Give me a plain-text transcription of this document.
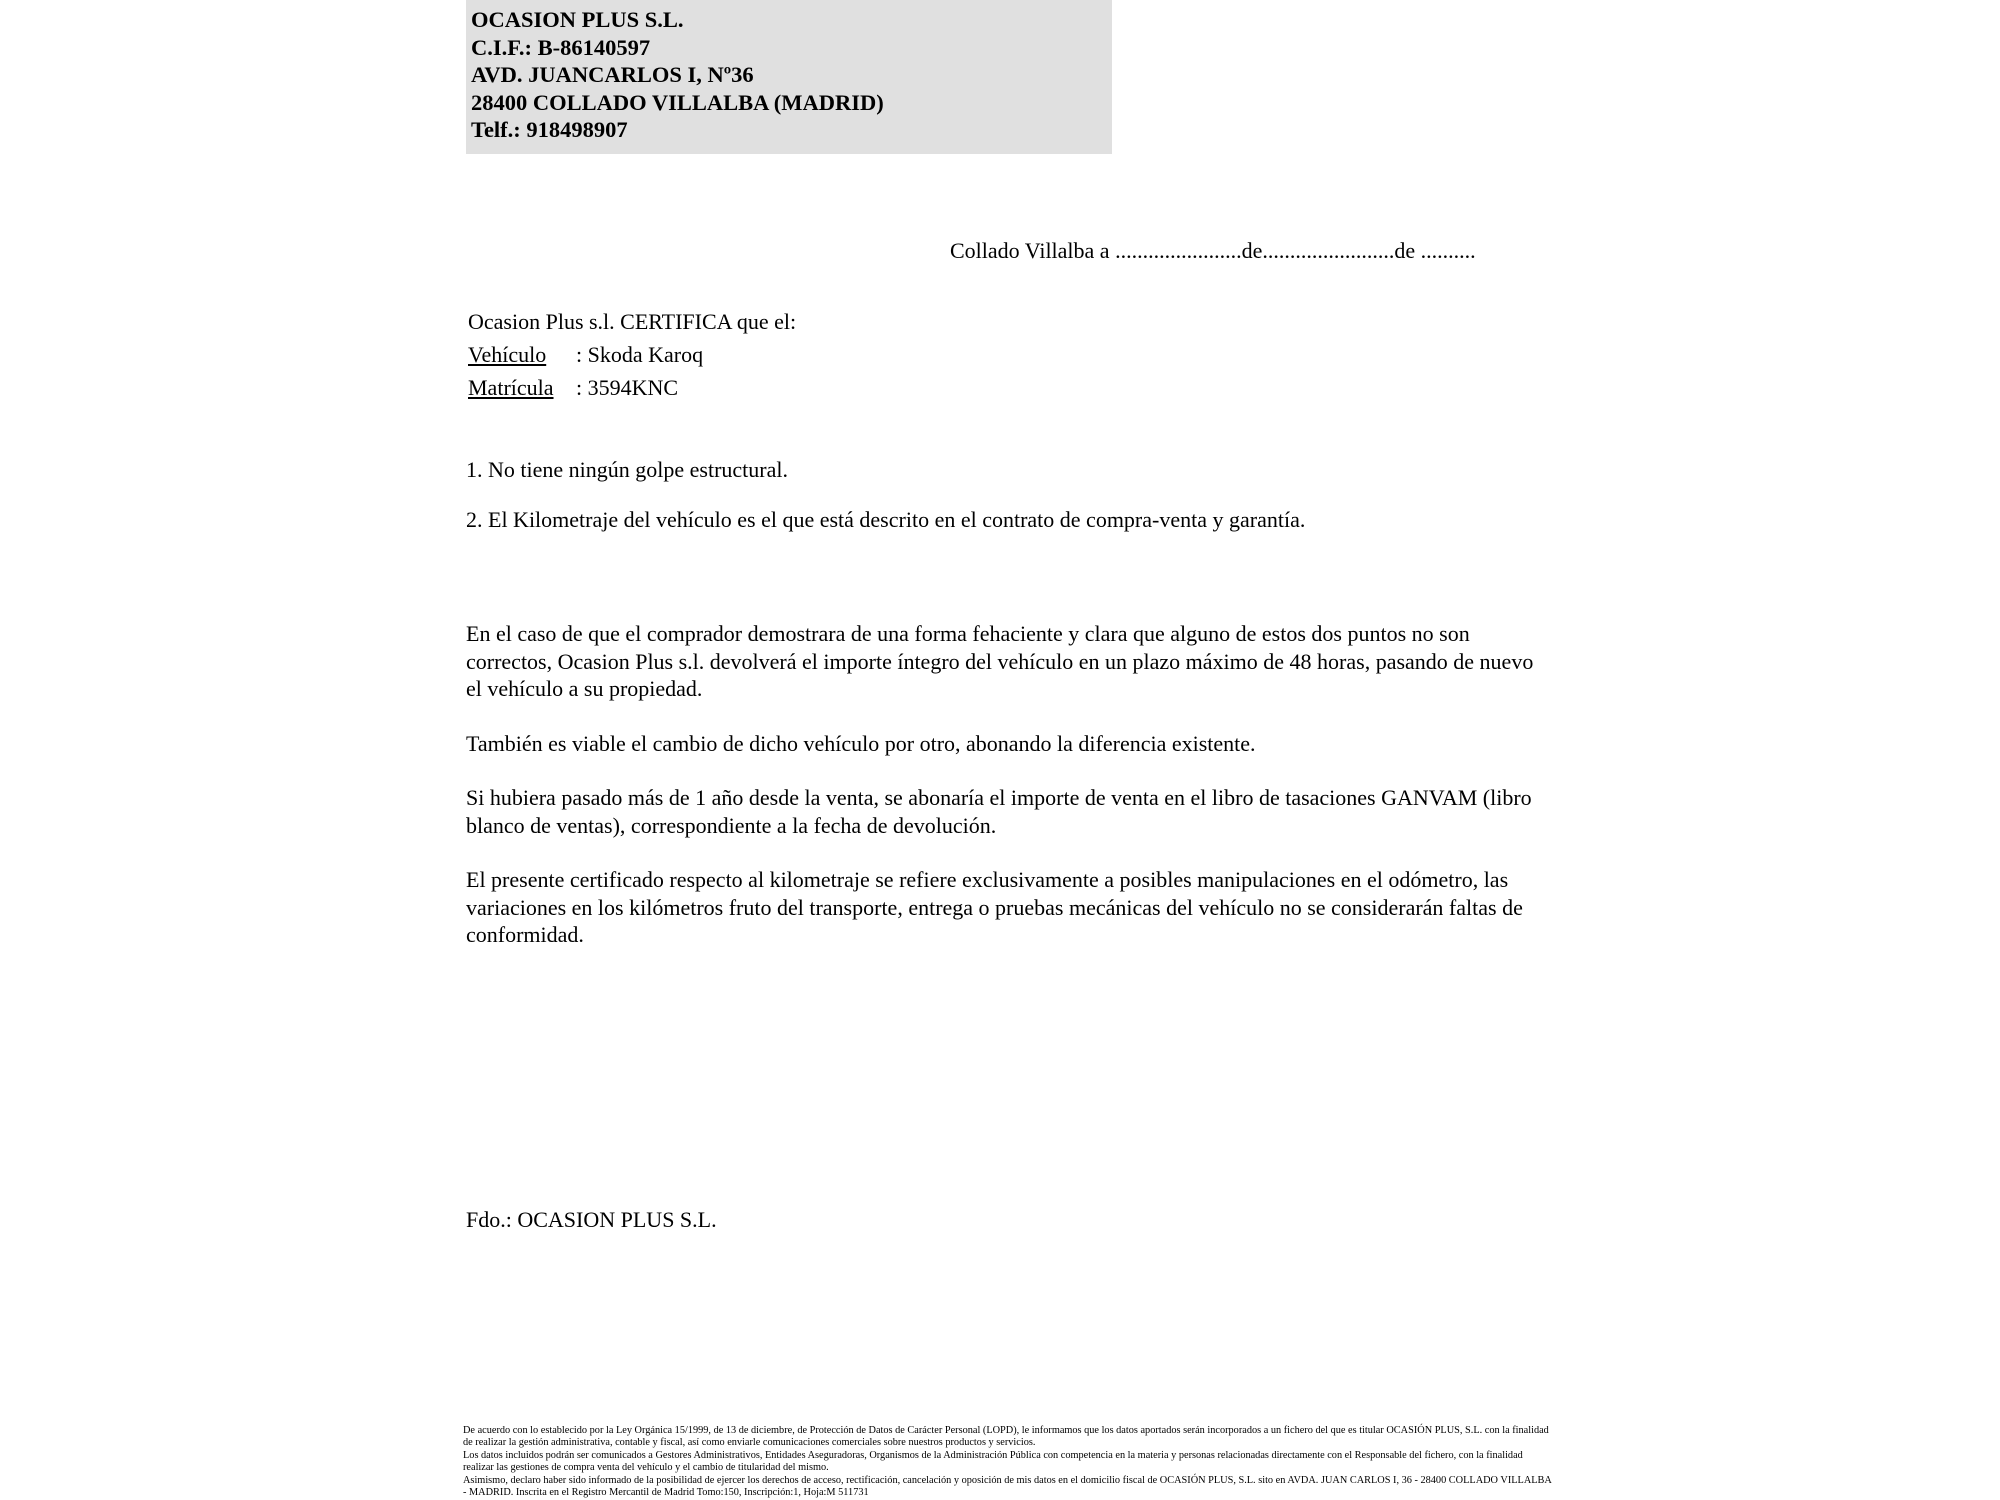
OCASION PLUS S.L.
C.I.F.: B-86140597
AVD. JUANCARLOS I, Nº36
28400 COLLADO VILLALBA (MADRID)
Telf.: 918498907
Collado Villalba a .......................de........................de ..........
Ocasion Plus s.l. CERTIFICA que el:
Vehículo : Skoda Karoq
Matrícula : 3594KNC
1. No tiene ningún golpe estructural.
2. El Kilometraje del vehículo es el que está descrito en el contrato de compra-venta y garantía.

En el caso de que el comprador demostrara de una forma fehaciente y clara que alguno de estos dos puntos no son correctos, Ocasion Plus s.l. devolverá el importe íntegro del vehículo en un plazo máximo de 48 horas, pasando de nuevo el vehículo a su propiedad.

También es viable el cambio de dicho vehículo por otro, abonando la diferencia existente.

Si hubiera pasado más de 1 año desde la venta, se abonaría el importe de venta en el libro de tasaciones GANVAM (libro blanco de ventas), correspondiente a la fecha de devolución.

El presente certificado respecto al kilometraje se refiere exclusivamente a posibles manipulaciones en el odómetro, las variaciones en los kilómetros fruto del transporte, entrega o pruebas mecánicas del vehículo no se considerarán faltas de conformidad.

Fdo.: OCASION PLUS S.L.

De acuerdo con lo establecido por la Ley Orgánica 15/1999, de 13 de diciembre, de Protección de Datos de Carácter Personal (LOPD), le informamos que los datos aportados serán incorporados a un fichero del que es titular OCASIÓN PLUS, S.L. con la finalidad de realizar la gestión administrativa, contable y fiscal, así como enviarle comunicaciones comerciales sobre nuestros productos y servicios.

Los datos incluidos podrán ser comunicados a Gestores Administrativos, Entidades Aseguradoras, Organismos de la Administración Pública con competencia en la materia y personas relacionadas directamente con el Responsable del fichero, con la finalidad realizar las gestiones de compra venta del vehículo y el cambio de titularidad del mismo.

Asimismo, declaro haber sido informado de la posibilidad de ejercer los derechos de acceso, rectificación, cancelación y oposición de mis datos en el domicilio fiscal de OCASIÓN PLUS, S.L. sito en AVDA. JUAN CARLOS I, 36 - 28400 COLLADO VILLALBA - MADRID. Inscrita en el Registro Mercantil de Madrid Tomo:150, Inscripción:1, Hoja:M 511731
